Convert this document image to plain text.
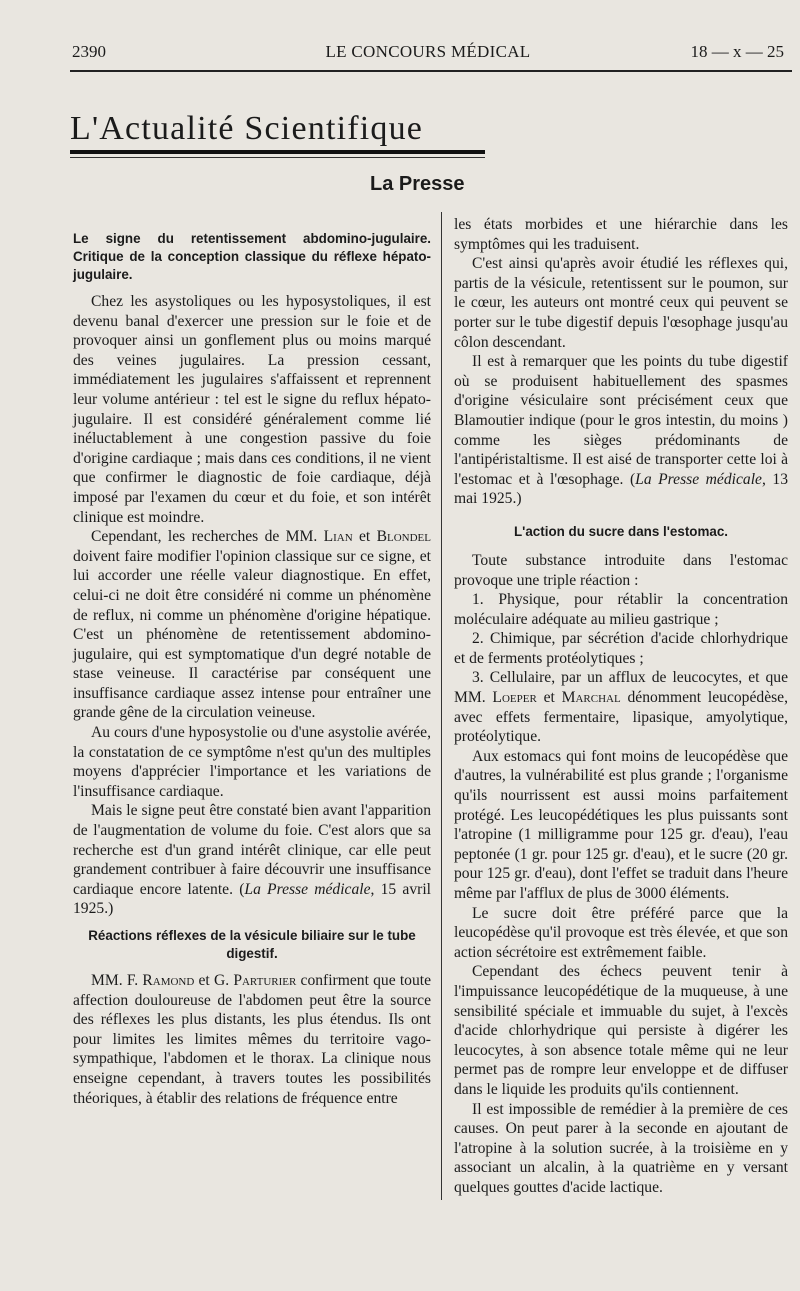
2390	LE CONCOURS MÉDICAL	18 — x — 25
L'Actualité Scientifique
La Presse
Le signe du retentissement abdomino-jugulaire. Critique de la conception classique du réflexe hépato-jugulaire.

Chez les asystoliques ou les hyposystoliques, il est devenu banal d'exercer une pression sur le foie et de provoquer ainsi un gonflement plus ou moins marqué des veines jugulaires. La pression cessant, immédiatement les jugulaires s'affaissent et reprennent leur volume antérieur : tel est le signe du reflux hépato-jugulaire. Il est considéré généralement comme lié inéluctablement à une congestion passive du foie d'origine cardiaque ; mais dans ces conditions, il ne vient que confirmer le diagnostic de foie cardiaque, déjà imposé par l'examen du cœur et du foie, et son intérêt clinique est moindre.

Cependant, les recherches de MM. Lian et Blondel doivent faire modifier l'opinion classique sur ce signe, et lui accorder une réelle valeur diagnostique. En effet, celui-ci ne doit être considéré ni comme un phénomène de reflux, ni comme un phénomène d'origine hépatique. C'est un phénomène de retentissement abdomino-jugulaire, qui est symptomatique d'un degré notable de stase veineuse. Il caractérise par conséquent une insuffisance cardiaque assez intense pour entraîner une grande gêne de la circulation veineuse.

Au cours d'une hyposystolie ou d'une asystolie avérée, la constatation de ce symptôme n'est qu'un des multiples moyens d'apprécier l'importance et les variations de l'insuffisance cardiaque.

Mais le signe peut être constaté bien avant l'apparition de l'augmentation de volume du foie. C'est alors que sa recherche est d'un grand intérêt clinique, car elle peut grandement contribuer à faire découvrir une insuffisance cardiaque encore latente. (La Presse médicale, 15 avril 1925.)

Réactions réflexes de la vésicule biliaire sur le tube digestif.

MM. F. Ramond et G. Parturier confirment que toute affection douloureuse de l'abdomen peut être la source des réflexes les plus distants, les plus étendus. Ils ont pour limites les limites mêmes du territoire vago-sympathique, l'abdomen et le thorax. La clinique nous enseigne cependant, à travers toutes les possibilités théoriques, à établir des relations de fréquence entre

les états morbides et une hiérarchie dans les symptômes qui les traduisent.

C'est ainsi qu'après avoir étudié les réflexes qui, partis de la vésicule, retentissent sur le poumon, sur le cœur, les auteurs ont montré ceux qui peuvent se porter sur le tube digestif depuis l'œsophage jusqu'au côlon descendant.

Il est à remarquer que les points du tube digestif où se produisent habituellement des spasmes d'origine vésiculaire sont précisément ceux que Blamoutier indique (pour le gros intestin, du moins ) comme les sièges prédominants de l'antipéristaltisme. Il est aisé de transporter cette loi à l'estomac et à l'œsophage. (La Presse médicale, 13 mai 1925.)

L'action du sucre dans l'estomac.

Toute substance introduite dans l'estomac provoque une triple réaction :

1. Physique, pour rétablir la concentration moléculaire adéquate au milieu gastrique ;

2. Chimique, par sécrétion d'acide chlorhydrique et de ferments protéolytiques ;

3. Cellulaire, par un afflux de leucocytes, et que MM. Loeper et Marchal dénomment leucopédèse, avec effets fermentaire, lipasique, amyolytique, protéolytique.

Aux estomacs qui font moins de leucopédèse que d'autres, la vulnérabilité est plus grande ; l'organisme qu'ils nourrissent est aussi moins parfaitement protégé. Les leucopédétiques les plus puissants sont l'atropine (1 milligramme pour 125 gr. d'eau), l'eau peptonée (1 gr. pour 125 gr. d'eau), et le sucre (20 gr. pour 125 gr. d'eau), dont l'effet se traduit dans l'heure même par l'afflux de plus de 3000 éléments.

Le sucre doit être préféré parce que la leucopédèse qu'il provoque est très élevée, et que son action sécrétoire est extrêmement faible.

Cependant des échecs peuvent tenir à l'impuissance leucopédétique de la muqueuse, à une sensibilité spéciale et immuable du sujet, à l'excès d'acide chlorhydrique qui persiste à digérer les leucocytes, à son absence totale même qui ne leur permet pas de rompre leur enveloppe et de diffuser dans le liquide les produits qu'ils contiennent.

Il est impossible de remédier à la première de ces causes. On peut parer à la seconde en ajoutant de l'atropine à la solution sucrée, à la troisième en y associant un alcalin, à la quatrième en y versant quelques gouttes d'acide lactique.
